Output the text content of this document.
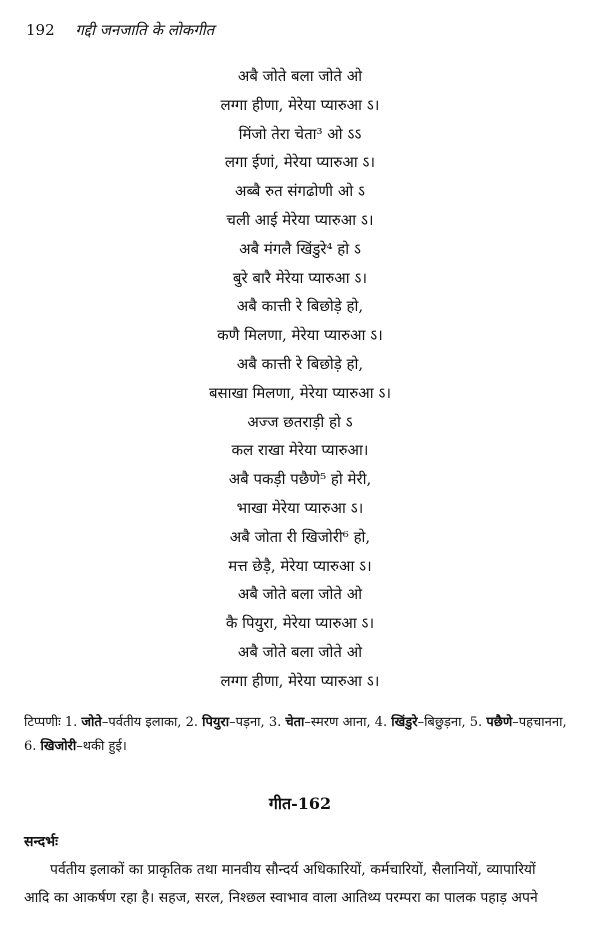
192 गद्दी जनजाति के लोकगीत
अबै जोते बला जोते ओ
लग्गा हीणा, मेरेया प्यारुआ ऽ।
मिंजो तेरा चेता³ ओ ऽऽ
लगा ईणां, मेरेया प्यारुआ ऽ।
अब्बै रुत संगढोणी ओ ऽ
चली आई मेरेया प्यारुआ ऽ।
अबै मंगलै खिंडुरे⁴ हो ऽ
बुरे बारै मेरेया प्यारुआ ऽ।
अबै कात्ती रे बिछोड़े हो,
कणै मिलणा, मेरेया प्यारुआ ऽ।
अबै कात्ती रे बिछोड़े हो,
बसाखा मिलणा, मेरेया प्यारुआ ऽ।
अज्ज छतराड़ी हो ऽ
कल राखा मेरेया प्यारुआ।
अबै पकड़ी पछैणे⁵ हो मेरी,
भाखा मेरेया प्यारुआ ऽ।
अबै जोता री खिजोरी⁶ हो,
मत्त छेड़ै, मेरेया प्यारुआ ऽ।
अबै जोते बला जोते ओ
कै पियुरा, मेरेया प्यारुआ ऽ।
अबै जोते बला जोते ओ
लग्गा हीणा, मेरेया प्यारुआ ऽ।
टिप्पणीः 1. जोते–पर्वतीय इलाका, 2. पियुरा–पड़ना, 3. चेता–स्मरण आना, 4. खिंडुरे–बिछुड़ना, 5. पछैणे–पहचानना, 6. खिजोरी–थकी हुई।
गीत-162
सन्दर्भः
पर्वतीय इलाकों का प्राकृतिक तथा मानवीय सौन्दर्य अधिकारियों, कर्मचारियों, सैलानियों, व्यापारियों
आदि का आकर्षण रहा है। सहज, सरल, निश्छल स्वाभाव वाला आतिथ्य परम्परा का पालक पहाड़ अपने
